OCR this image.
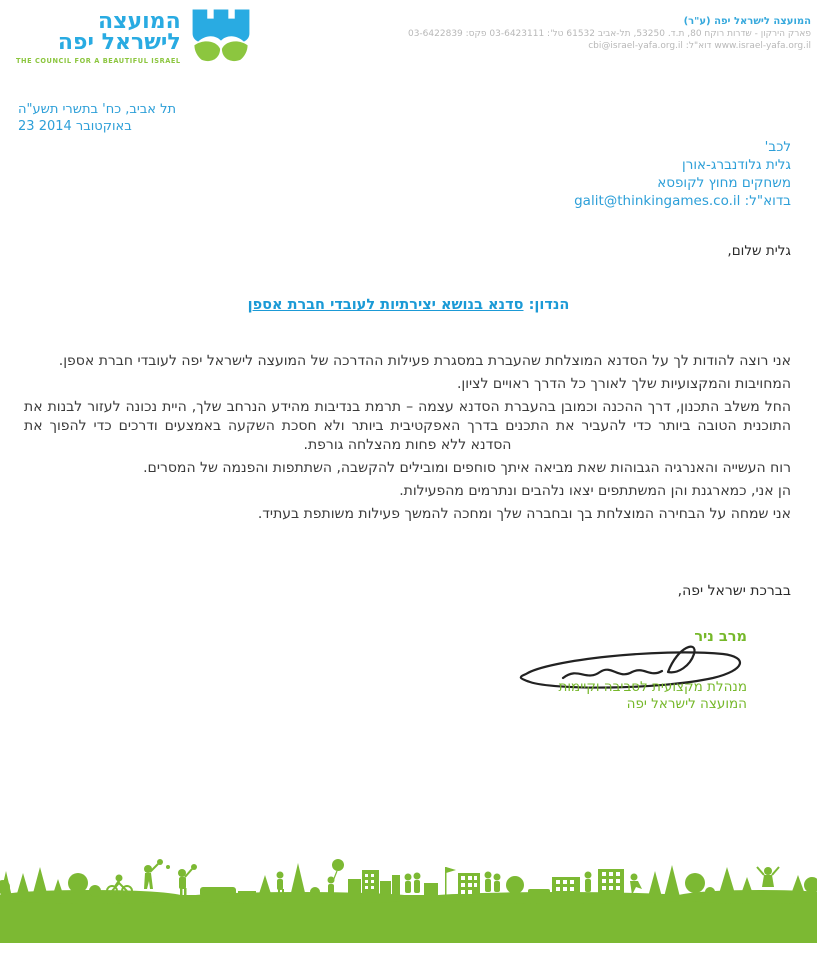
המועצה
לישראל יפה
THE COUNCIL FOR A BEAUTIFUL ISRAEL
המועצה לישראל יפה (ע"ר)
פארק הירקון - שדרות רוקח 80, ת.ד. 53250, תל-אביב 61532 טל': 03-6423111 פקס: 03-6422839
www.israel-yafa.org.il דוא"ל: cbi@israel-yafa.org.il
תל אביב, כח' בתשרי תשע"ה
23 באוקטובר 2014
לכב'
גלית גלודנברג-אורן
משחקים מחוץ לקופסא
בדוא"ל: galit@thinkingames.co.il
גלית שלום,
הנדון: סדנא בנושא יצירתיות לעובדי חברת אספן

אני רוצה להודות לך על הסדנא המוצלחת שהעברת במסגרת פעילות ההדרכה של המועצה לישראל יפה לעובדי חברת אספן.

המחויבות והמקצועיות שלך לאורך כל הדרך ראויים לציון.

החל משלב התכנון, דרך ההכנה וכמובן בהעברת הסדנא עצמה – תרמת בנדיבות מהידע הנרחב שלך, היית נכונה לעזור לבנות את התוכנית הטובה ביותר כדי להעביר את התכנים בדרך האפקטיבית ביותר ולא חסכת השקעה באמצעים ודרכים כדי להפוך את הסדנא ללא פחות מהצלחה גורפת.

רוח העשייה והאנרגיה הגבוהות שאת מביאה איתך סוחפים ומובילים להקשבה, השתתפות והפנמה של המסרים.

הן אני, כמארגנת והן המשתתפים יצאו נלהבים ונתרמים מהפעילות.

אני שמחה על הבחירה המוצלחת בך ובחברה שלך ומחכה להמשך פעילות משותפת בעתיד.

בברכת ישראל יפה,
מרב ניר
מנהלת מקצועית לסביבה וקיימות
המועצה לישראל יפה
